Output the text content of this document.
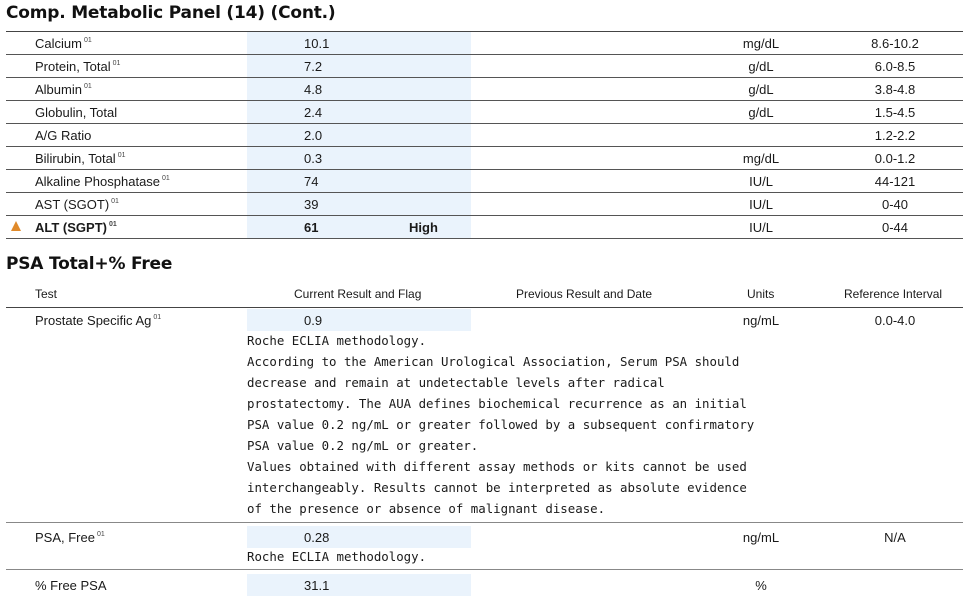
Comp. Metabolic Panel (14) (Cont.)
Calcium $^{01}$	10.1	mg/dL	8.6-10.2
Protein, Total $^{01}$	7.2	g/dL	6.0-8.5
Albumin $^{01}$	4.8	g/dL	3.8-4.8
Globulin, Total	2.4	g/dL	1.5-4.5
A/G Ratio	2.0	1.2-2.2
Bilirubin, Total $^{01}$	0.3	mg/dL	0.0-1.2
Alkaline Phosphatase $^{01}$	74	IU/L	44-121
AST (SGOT) $^{01}$	39	IU/L	0-40
ALT (SGPT) $^{01}$	61	High	IU/L	0-44
PSA Total+% Free
Test	Current Result and Flag	Previous Result and Date	Units	Reference Interval
Prostate Specific Ag $^{01}$	0.9	ng/mL	0.0-4.0
Roche ECLIA methodology.
According to the American Urological Association, Serum PSA should
decrease and remain at undetectable levels after radical
prostatectomy. The AUA defines biochemical recurrence as an initial
PSA value 0.2 ng/mL or greater followed by a subsequent confirmatory
PSA value 0.2 ng/mL or greater.
Values obtained with different assay methods or kits cannot be used
interchangeably. Results cannot be interpreted as absolute evidence
of the presence or absence of malignant disease.
PSA, Free $^{01}$	0.28	ng/mL	N/A
Roche ECLIA methodology.
% Free PSA	31.1	%
